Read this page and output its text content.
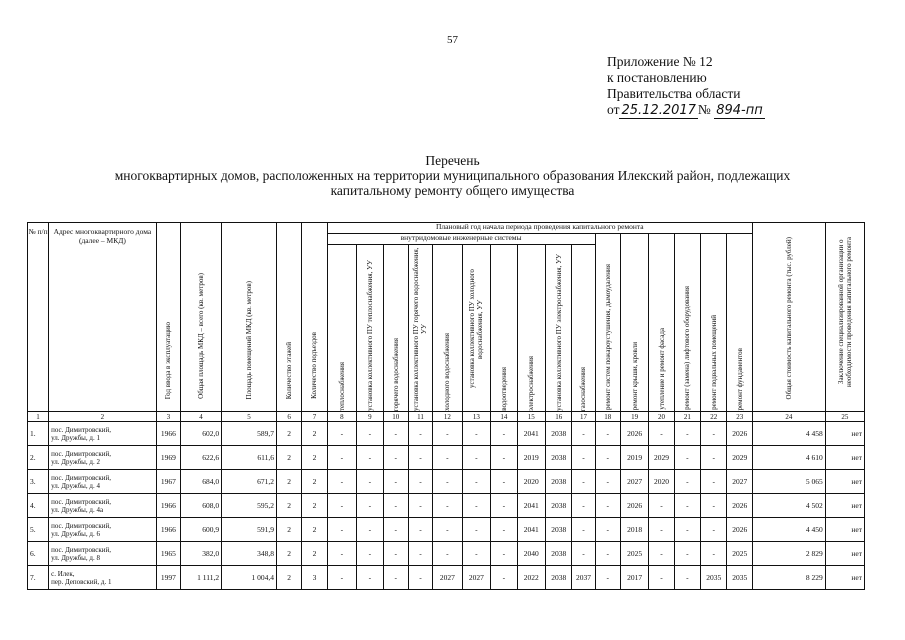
57
Приложение № 12
к постановлению
Правительства области
от 25.12.2017 № 894-пп
Перечень
многоквартирных домов, расположенных на территории муниципального образования Илекский район, подлежащих
капитальному ремонту общего имущества
№ п/п	Адрес многоквартирного дома (далее – МКД)	Год ввода в эксплуатацию	Общая площадь МКД – всего (кв. метров)	Площадь помещений МКД (кв. метров)	Количество этажей	Количество подъездов	Плановый год начала периода проведения капитального ремонта																Общая стоимость капитального ремонта (тыс. рублей)	Заключение специализированной организации о необходимости проведения капитального ремонта

							внутридомовые инженерные системы										ремонт систем пожароустушения, дымоудаления	ремонт крыши, кровли	утепление и ремонт фасада	ремонт (замена) лифтового оборудования	ремонт подвальных помещений	ремонт фундаментов		

							теплоснабжения	установка коллективного ПУ теплоснабжения, УУ	горячего водоснабжения	установка коллективного ПУ горячего водоснабжения, УУ	холодного водоснабжения	установка коллективного ПУ холодного водоснабжения, УУ	водоотведения	электроснабжения	установка коллективного ПУ электроснабжения, УУ	газоснабжения								

1	2	3	4	5	6	7	8	9	10	11	12	13	14	15	16	17	18	19	20	21	22	23	24	25
1.	пос. Димитровский,
ул. Дружбы, д. 1	1966	602,0	589,7	2	2	-	-	-	-	-	-	-	2041	2038	-	-	2026	-	-	-	2026	4 458	нет
2.	пос. Димитровский,
ул. Дружбы, д. 2	1969	622,6	611,6	2	2	-	-	-	-	-	-	-	2019	2038	-	-	2019	2029	-	-	2029	4 610	нет
3.	пос. Димитровский,
ул. Дружбы, д. 4	1967	684,0	671,2	2	2	-	-	-	-	-	-	-	2020	2038	-	-	2027	2020	-	-	2027	5 065	нет
4.	пос. Димитровский,
ул. Дружбы, д. 4а	1966	608,0	595,2	2	2	-	-	-	-	-	-	-	2041	2038	-	-	2026	-	-	-	2026	4 502	нет
5.	пос. Димитровский,
ул. Дружбы, д. 6	1966	600,9	591,9	2	2	-	-	-	-	-	-	-	2041	2038	-	-	2018	-	-	-	2026	4 450	нет
6.	пос. Димитровский,
ул. Дружбы, д. 8	1965	382,0	348,8	2	2	-	-	-	-	-	-	-	2040	2038	-	-	2025	-	-	-	2025	2 829	нет
7.	с. Илек,
пер. Деповский, д. 1	1997	1 111,2	1 004,4	2	3	-	-	-	-	2027	2027	-	2022	2038	2037	-	2017	-	-	2035	2035	8 229	нет
